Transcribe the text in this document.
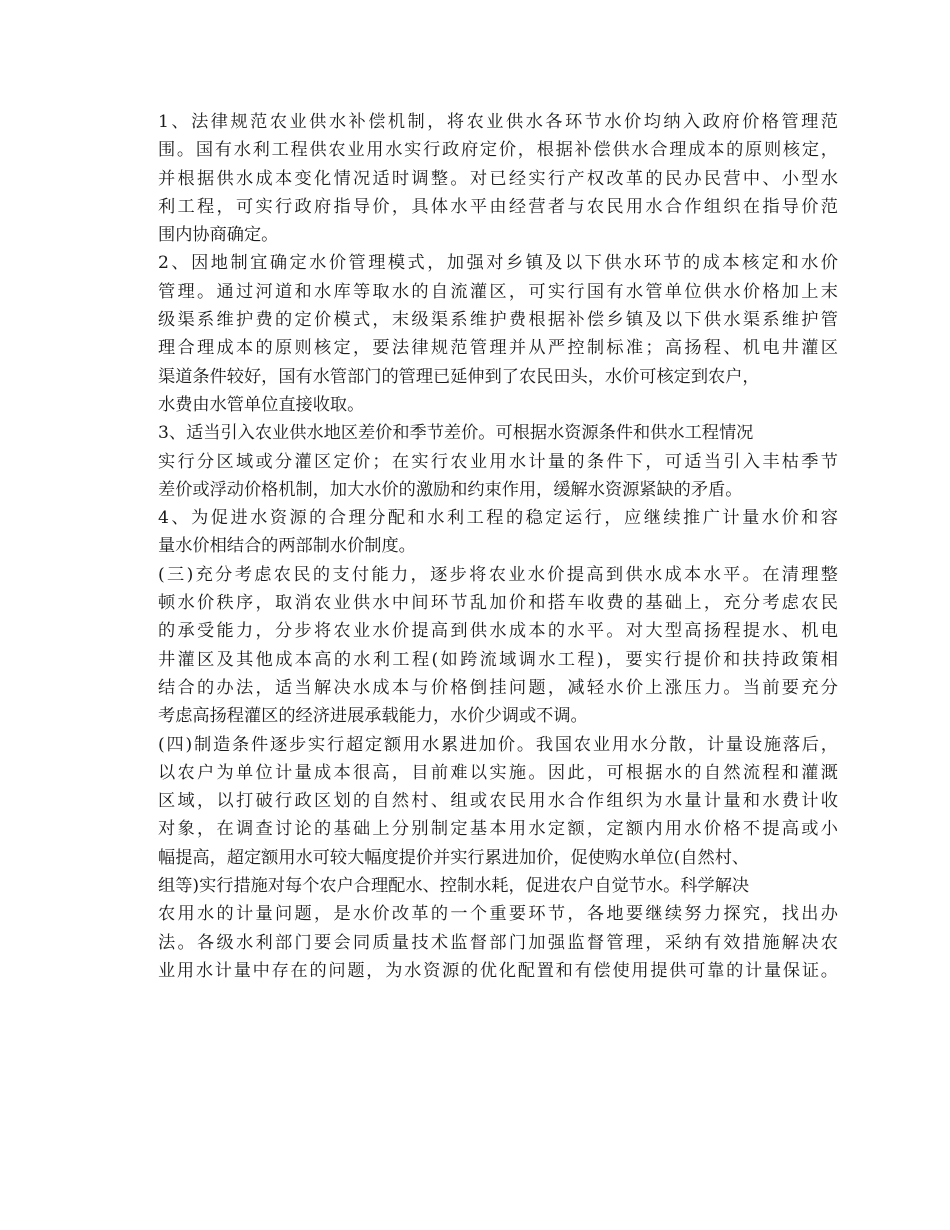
1、法律规范农业供水补偿机制，将农业供水各环节水价均纳入政府价格管理范
围。国有水利工程供农业用水实行政府定价，根据补偿供水合理成本的原则核定，
并根据供水成本变化情况适时调整。对已经实行产权改革的民办民营中、小型水
利工程，可实行政府指导价，具体水平由经营者与农民用水合作组织在指导价范
围内协商确定。
2、因地制宜确定水价管理模式，加强对乡镇及以下供水环节的成本核定和水价
管理。通过河道和水库等取水的自流灌区，可实行国有水管单位供水价格加上末
级渠系维护费的定价模式，末级渠系维护费根据补偿乡镇及以下供水渠系维护管
理合理成本的原则核定，要法律规范管理并从严控制标准；高扬程、机电井灌区
渠道条件较好，国有水管部门的管理已延伸到了农民田头，水价可核定到农户，
水费由水管单位直接收取。
3、适当引入农业供水地区差价和季节差价。可根据水资源条件和供水工程情况
实行分区域或分灌区定价；在实行农业用水计量的条件下，可适当引入丰枯季节
差价或浮动价格机制，加大水价的激励和约束作用，缓解水资源紧缺的矛盾。
4、为促进水资源的合理分配和水利工程的稳定运行，应继续推广计量水价和容
量水价相结合的两部制水价制度。
(三)充分考虑农民的支付能力，逐步将农业水价提高到供水成本水平。在清理整
顿水价秩序，取消农业供水中间环节乱加价和搭车收费的基础上，充分考虑农民
的承受能力，分步将农业水价提高到供水成本的水平。对大型高扬程提水、机电
井灌区及其他成本高的水利工程(如跨流域调水工程)，要实行提价和扶持政策相
结合的办法，适当解决水成本与价格倒挂问题，减轻水价上涨压力。当前要充分
考虑高扬程灌区的经济进展承载能力，水价少调或不调。
(四)制造条件逐步实行超定额用水累进加价。我国农业用水分散，计量设施落后，
以农户为单位计量成本很高，目前难以实施。因此，可根据水的自然流程和灌溉
区域，以打破行政区划的自然村、组或农民用水合作组织为水量计量和水费计收
对象，在调查讨论的基础上分别制定基本用水定额，定额内用水价格不提高或小
幅提高，超定额用水可较大幅度提价并实行累进加价，促使购水单位(自然村、
组等)实行措施对每个农户合理配水、控制水耗，促进农户自觉节水。科学解决
农用水的计量问题，是水价改革的一个重要环节，各地要继续努力探究，找出办
法。各级水利部门要会同质量技术监督部门加强监督管理，采纳有效措施解决农
业用水计量中存在的问题，为水资源的优化配置和有偿使用提供可靠的计量保证。
